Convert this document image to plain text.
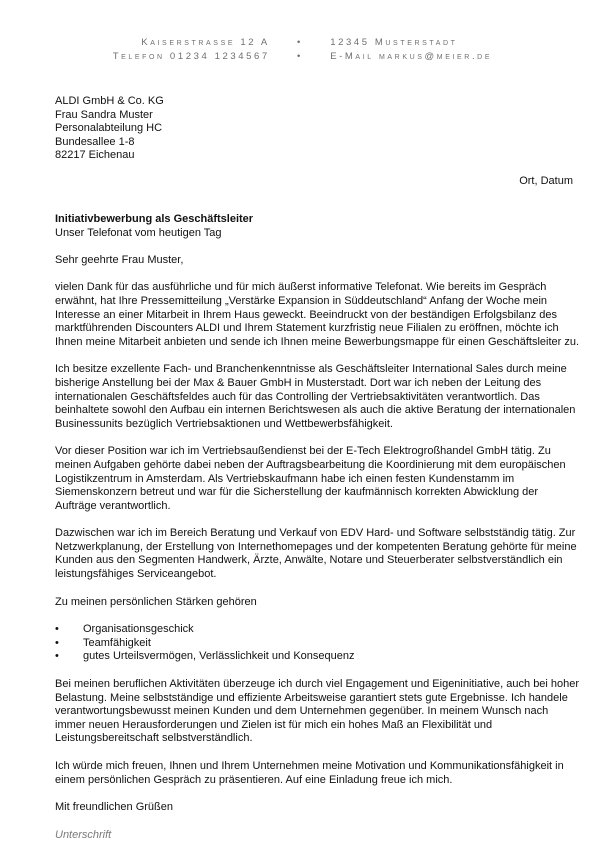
Kaiserstrasse 12 A	•	12345 Musterstadt
Telefon 01234 1234567	•	E-Mail markus@meier.de
ALDI GmbH & Co. KG
Frau Sandra Muster
Personalabteilung HC
Bundesallee 1-8
82217 Eichenau
Ort, Datum
Initiativbewerbung als Geschäftsleiter
Unser Telefonat vom heutigen Tag
Sehr geehrte Frau Muster,
vielen Dank für das ausführliche und für mich äußerst informative Telefonat. Wie bereits im Gespräch erwähnt, hat Ihre Pressemitteilung „Verstärke Expansion in Süddeutschland“ Anfang der Woche mein Interesse an einer Mitarbeit in Ihrem Haus geweckt. Beeindruckt von der beständigen Erfolgsbilanz des marktführenden Discounters ALDI und Ihrem Statement kurzfristig neue Filialen zu eröffnen, möchte ich Ihnen meine Mitarbeit anbieten und sende ich Ihnen meine Bewerbungsmappe für einen Geschäftsleiter zu.
Ich besitze exzellente Fach- und Branchenkenntnisse als Geschäftsleiter International Sales durch meine bisherige Anstellung bei der Max & Bauer GmbH in Musterstadt. Dort war ich neben der Leitung des internationalen Geschäftsfeldes auch für das Controlling der Vertriebsaktivitäten verantwortlich. Das beinhaltete sowohl den Aufbau ein internen Berichtswesen als auch die aktive Beratung der internationalen Businessunits bezüglich Vertriebsaktionen und Wettbewerbsfähigkeit.
Vor dieser Position war ich im Vertriebsaußendienst bei der E-Tech Elektrogroßhandel GmbH tätig. Zu meinen Aufgaben gehörte dabei neben der Auftragsbearbeitung die Koordinierung mit dem europäischen Logistikzentrum in Amsterdam. Als Vertriebskaufmann habe ich einen festen Kundenstamm im Siemenskonzern betreut und war für die Sicherstellung der kaufmännisch korrekten Abwicklung der Aufträge verantwortlich.
Dazwischen war ich im Bereich Beratung und Verkauf von EDV Hard- und Software selbstständig tätig. Zur Netzwerkplanung, der Erstellung von Internethomepages und der kompetenten Beratung gehörte für meine Kunden aus den Segmenten Handwerk, Ärzte, Anwälte, Notare und Steuerberater selbstverständlich ein leistungsfähiges Serviceangebot.
Zu meinen persönlichen Stärken gehören
• Organisationsgeschick
• Teamfähigkeit
• gutes Urteilsvermögen, Verlässlichkeit und Konsequenz
Bei meinen beruflichen Aktivitäten überzeuge ich durch viel Engagement und Eigeninitiative, auch bei hoher Belastung. Meine selbstständige und effiziente Arbeitsweise garantiert stets gute Ergebnisse. Ich handele verantwortungsbewusst meinen Kunden und dem Unternehmen gegenüber. In meinem Wunsch nach immer neuen Herausforderungen und Zielen ist für mich ein hohes Maß an Flexibilität und Leistungsbereitschaft selbstverständlich.
Ich würde mich freuen, Ihnen und Ihrem Unternehmen meine Motivation und Kommunikationsfähigkeit in einem persönlichen Gespräch zu präsentieren. Auf eine Einladung freue ich mich.
Mit freundlichen Grüßen
Unterschrift
